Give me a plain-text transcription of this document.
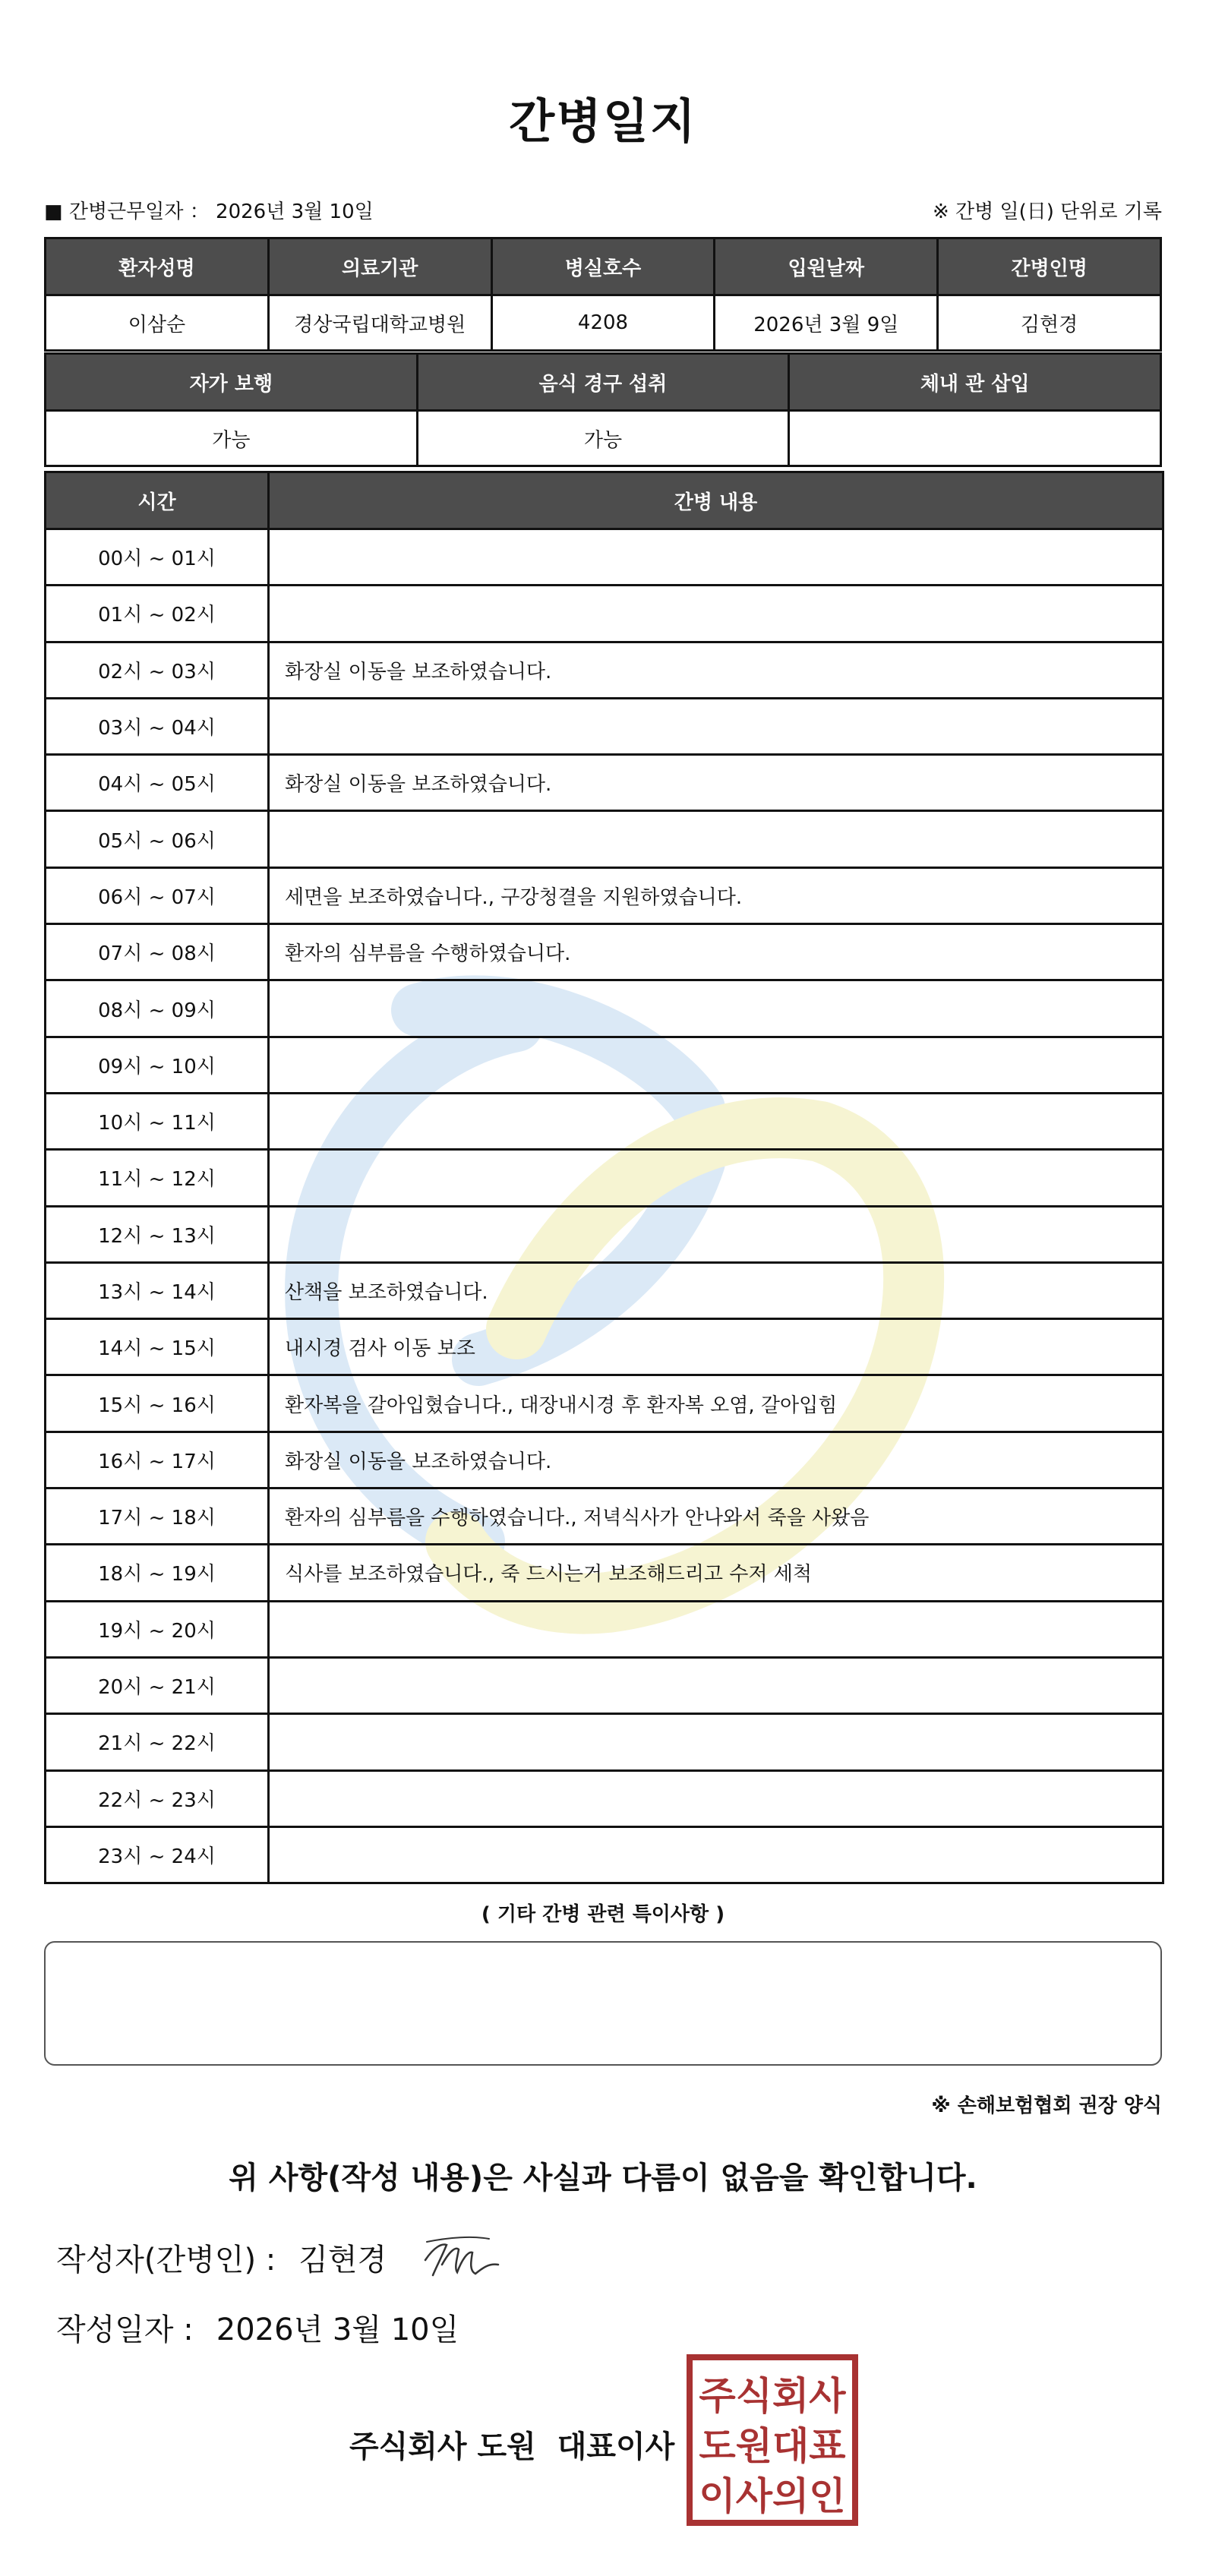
간병일지
■ 간병근무일자 ： 2026년 3월 10일	※ 간병 일(日) 단위로 기록
환자성명	의료기관	병실호수	입원날짜	간병인명
이삼순	경상국립대학교병원	4208	2026년 3월 9일	김현경
자가 보행	음식 경구 섭취	체내 관 삽입
가능	가능	
시간	간병 내용
00시 ~ 01시	
01시 ~ 02시	
02시 ~ 03시	화장실 이동을 보조하였습니다.
03시 ~ 04시	
04시 ~ 05시	화장실 이동을 보조하였습니다.
05시 ~ 06시	
06시 ~ 07시	세면을 보조하였습니다., 구강청결을 지원하였습니다.
07시 ~ 08시	환자의 심부름을 수행하였습니다.
08시 ~ 09시	
09시 ~ 10시	
10시 ~ 11시	
11시 ~ 12시	
12시 ~ 13시	
13시 ~ 14시	산책을 보조하였습니다.
14시 ~ 15시	내시경 검사 이동 보조
15시 ~ 16시	환자복을 갈아입혔습니다., 대장내시경 후 환자복 오염, 갈아입힘
16시 ~ 17시	화장실 이동을 보조하였습니다.
17시 ~ 18시	환자의 심부름을 수행하였습니다., 저녁식사가 안나와서 죽을 사왔음
18시 ~ 19시	식사를 보조하였습니다., 죽 드시는거 보조해드리고 수저 세척
19시 ~ 20시	
20시 ~ 21시	
21시 ~ 22시	
22시 ~ 23시	
23시 ~ 24시	
( 기타 간병 관련 특이사항 )
※ 손해보험협회 권장 양식
위 사항(작성 내용)은 사실과 다름이 없음을 확인합니다.
작성자(간병인) : 김현경
작성일자 : 2026년 3월 10일
주식회사 도원 대표이사
주식회사
도원대표
이사의인
